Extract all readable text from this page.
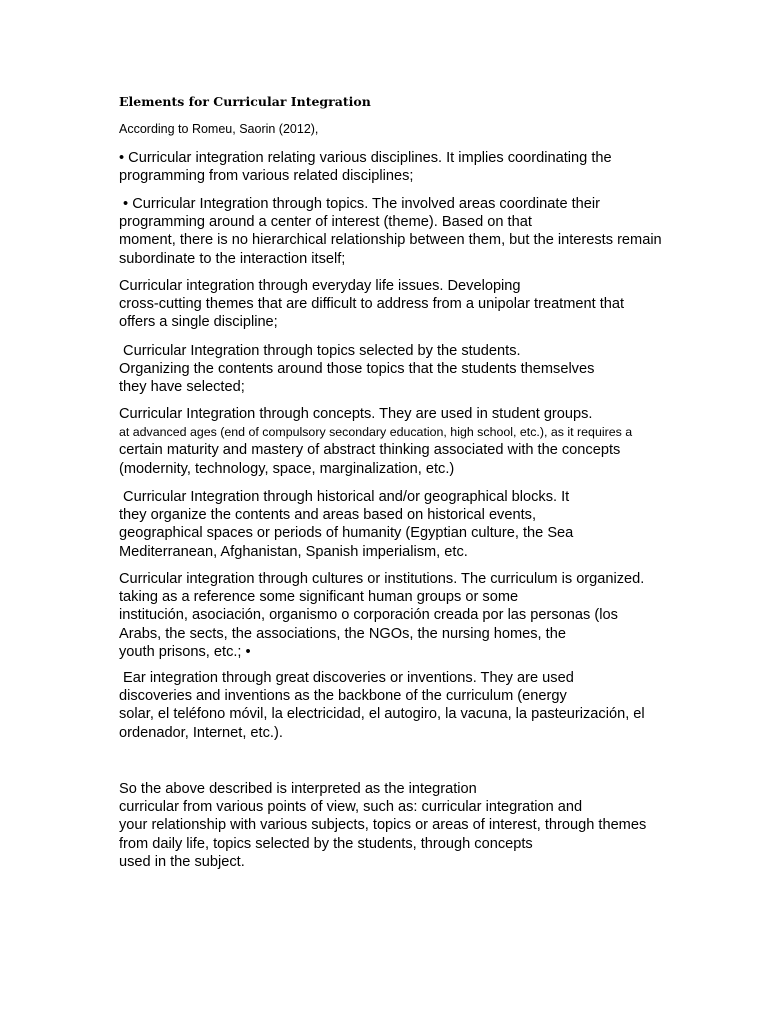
Elements for Curricular Integration
According to Romeu, Saorin (2012),
• Curricular integration relating various disciplines. It implies coordinating the
programming from various related disciplines;
• Curricular Integration through topics. The involved areas coordinate their
programming around a center of interest (theme). Based on that
moment, there is no hierarchical relationship between them, but the interests remain
subordinate to the interaction itself;
Curricular integration through everyday life issues. Developing
cross-cutting themes that are difficult to address from a unipolar treatment that
offers a single discipline;
Curricular Integration through topics selected by the students.
Organizing the contents around those topics that the students themselves
they have selected;
Curricular Integration through concepts. They are used in student groups.
at advanced ages (end of compulsory secondary education, high school, etc.), as it requires a
certain maturity and mastery of abstract thinking associated with the concepts
(modernity, technology, space, marginalization, etc.)
Curricular Integration through historical and/or geographical blocks. It
they organize the contents and areas based on historical events,
geographical spaces or periods of humanity (Egyptian culture, the Sea
Mediterranean, Afghanistan, Spanish imperialism, etc.
Curricular integration through cultures or institutions. The curriculum is organized.
taking as a reference some significant human groups or some
institución, asociación, organismo o corporación creada por las personas (los
Arabs, the sects, the associations, the NGOs, the nursing homes, the
youth prisons, etc.; •
Ear integration through great discoveries or inventions. They are used
discoveries and inventions as the backbone of the curriculum (energy
solar, el teléfono móvil, la electricidad, el autogiro, la vacuna, la pasteurización, el
ordenador, Internet, etc.).
So the above described is interpreted as the integration
curricular from various points of view, such as: curricular integration and
your relationship with various subjects, topics or areas of interest, through themes
from daily life, topics selected by the students, through concepts
used in the subject.
